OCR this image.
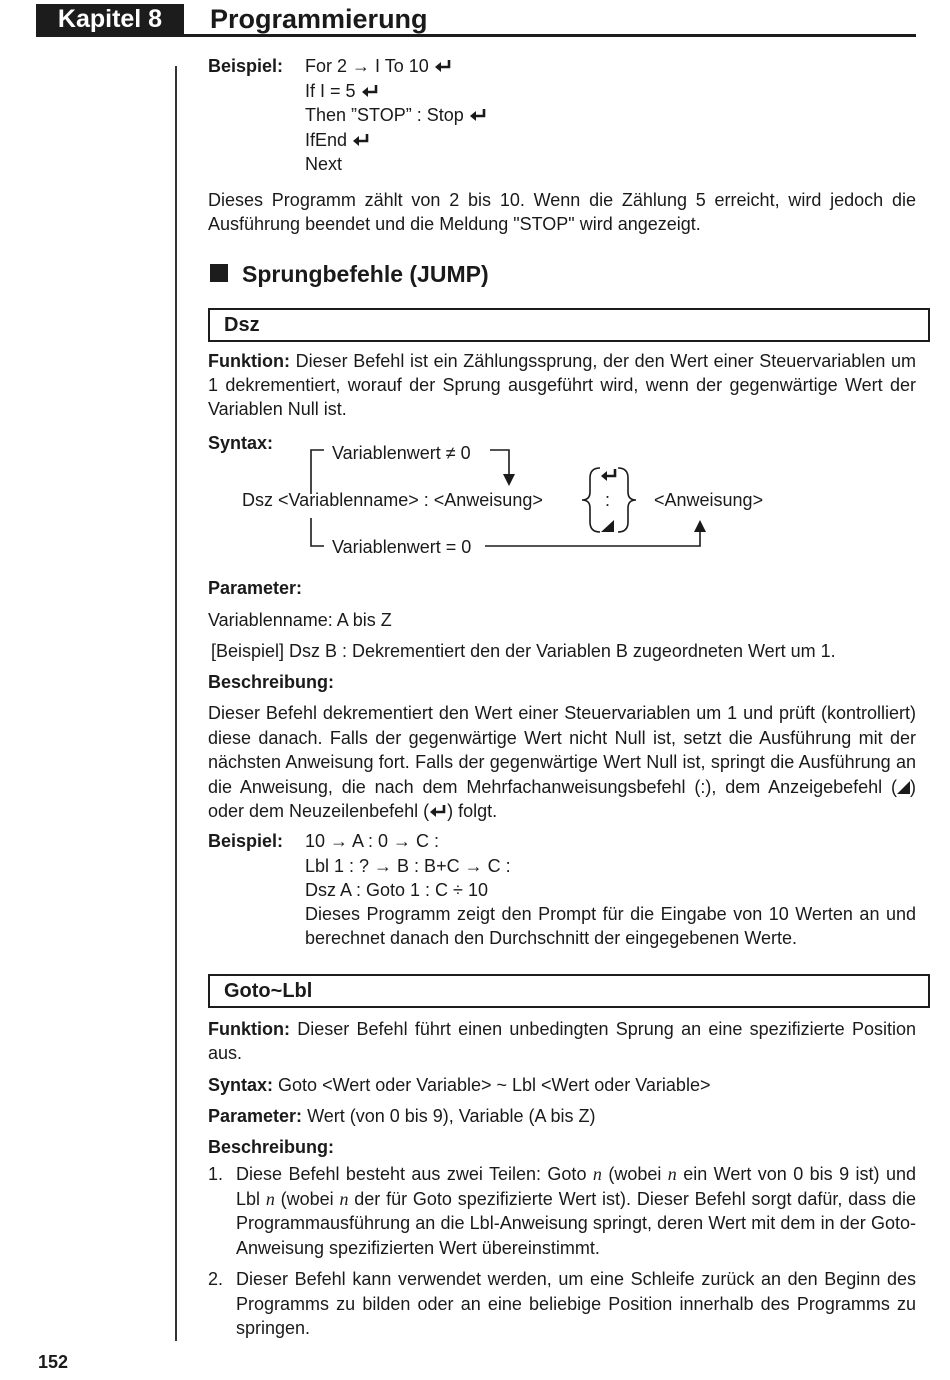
Kapitel 8	Programmierung
Beispiel: For 2 → I To 10
If I = 5
Then ”STOP” : Stop
IfEnd
Next
Dieses Programm zählt von 2 bis 10. Wenn die Zählung 5 erreicht, wird jedoch die Ausführung beendet und die Meldung "STOP" wird angezeigt.
Sprungbefehle (JUMP)
Dsz
Funktion: Dieser Befehl ist ein Zählungssprung, der den Wert einer Steuervariablen um 1 dekrementiert, worauf der Sprung ausgeführt wird, wenn der gegenwärtige Wert der Variablen Null ist.
Syntax:	Variablenwert ≠ 0
Dsz <Variablenname> : <Anweisung>	: <Anweisung>
Variablenwert = 0
Parameter:
Variablenname: A bis Z
[Beispiel] Dsz B : Dekrementiert den der Variablen B zugeordneten Wert um 1.
Beschreibung:
Dieser Befehl dekrementiert den Wert einer Steuervariablen um 1 und prüft (kontrolliert) diese danach. Falls der gegenwärtige Wert nicht Null ist, setzt die Ausführung mit der nächsten Anweisung fort. Falls der gegenwärtige Wert Null ist, springt die Ausführung an die Anweisung, die nach dem Mehrfachanweisungsbefehl (:), dem Anzeigebefehl ( ) oder dem Neuzeilenbefehl ( ) folgt.
Beispiel: 10 → A : 0 → C :
Lbl 1 : ? → B : B+C → C :
Dsz A : Goto 1 : C ÷ 10
Dieses Programm zeigt den Prompt für die Eingabe von 10 Werten an und berechnet danach den Durchschnitt der eingegebenen Werte.
Goto~Lbl
Funktion: Dieser Befehl führt einen unbedingten Sprung an eine spezifizierte Position aus.
Syntax: Goto <Wert oder Variable> ~ Lbl <Wert oder Variable>
Parameter: Wert (von 0 bis 9), Variable (A bis Z)
Beschreibung:
1. Diese Befehl besteht aus zwei Teilen: Goto n (wobei n ein Wert von 0 bis 9 ist) und Lbl n (wobei n der für Goto spezifizierte Wert ist). Dieser Befehl sorgt dafür, dass die Programmausführung an die Lbl-Anweisung springt, deren Wert mit dem in der Goto-Anweisung spezifizierten Wert übereinstimmt.
2. Dieser Befehl kann verwendet werden, um eine Schleife zurück an den Beginn des Programms zu bilden oder an eine beliebige Position innerhalb des Programms zu springen.
152
